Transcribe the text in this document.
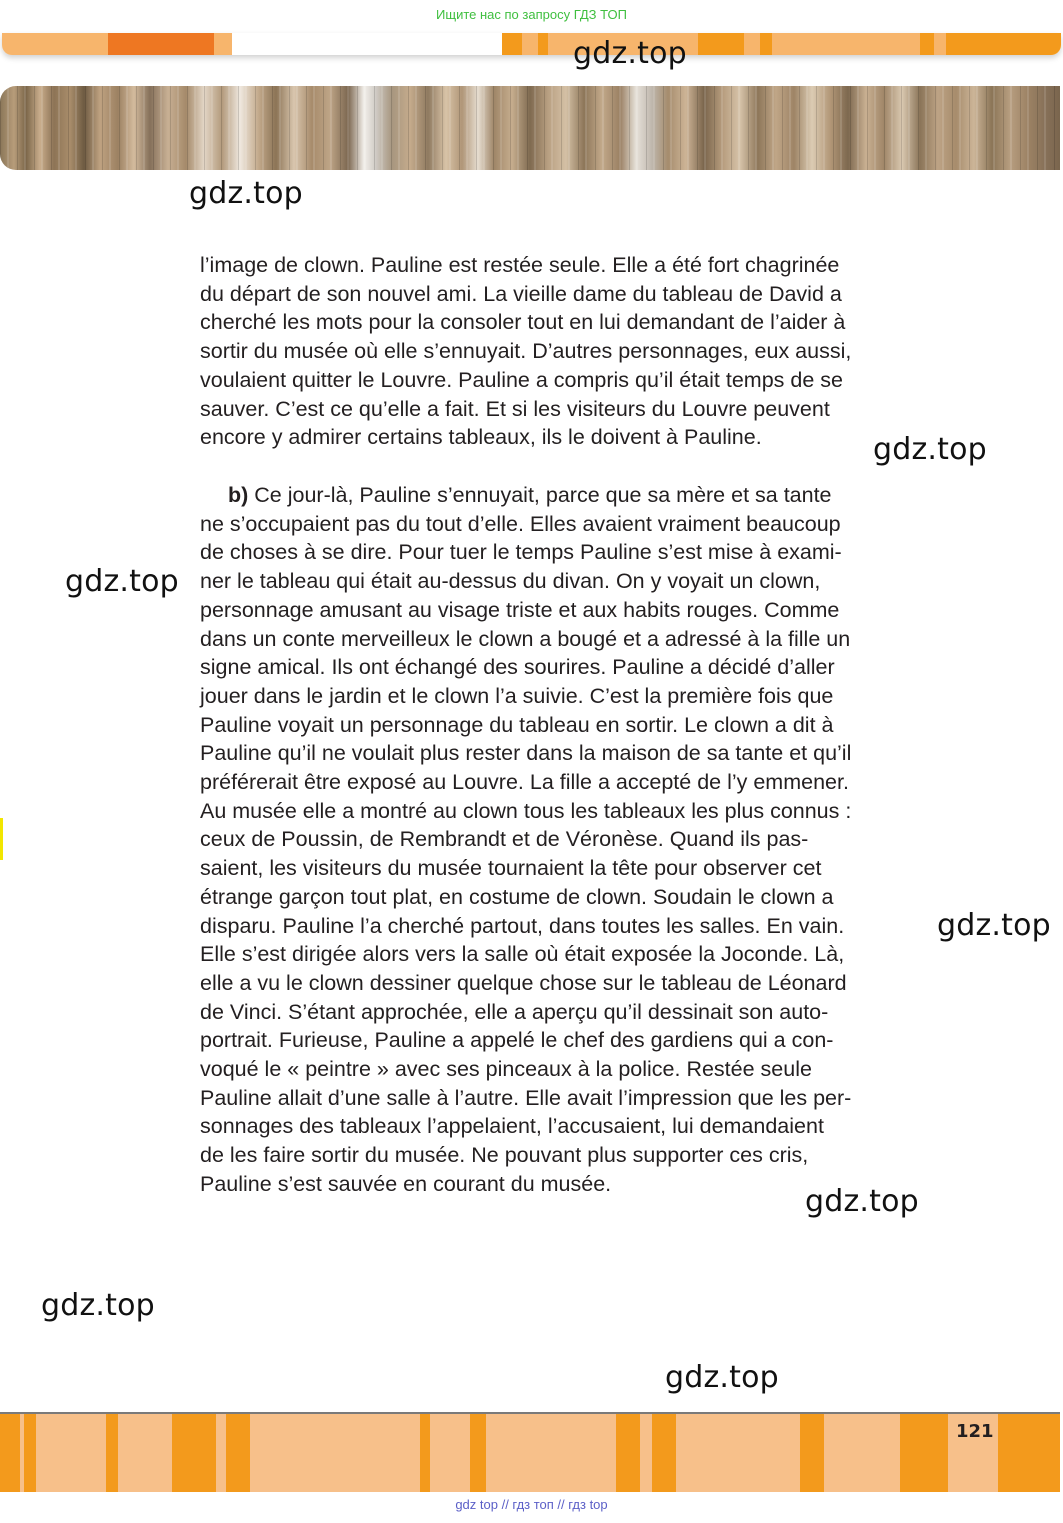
Ищите нас по запросу ГДЗ ТОП
gdz.top
gdz.top
gdz.top
gdz.top
gdz.top
gdz.top
gdz.top
gdz.top

l’image de clown. Pauline est restée seule. Elle a été fort chagrinée
du départ de son nouvel ami. La vieille dame du tableau de David a
cherché les mots pour la consoler tout en lui demandant de l’aider à
sortir du musée où elle s’ennuyait. D’autres personnages, eux aussi,
voulaient quitter le Louvre. Pauline a compris qu’il était temps de se
sauver. C’est ce qu’elle a fait. Et si les visiteurs du Louvre peuvent
encore y admirer certains tableaux, ils le doivent à Pauline.

b) Ce jour-là, Pauline s’ennuyait, parce que sa mère et sa tante
ne s’occupaient pas du tout d’elle. Elles avaient vraiment beaucoup
de choses à se dire. Pour tuer le temps Pauline s’est mise à exami-
ner le tableau qui était au-dessus du divan. On y voyait un clown,
personnage amusant au visage triste et aux habits rouges. Comme
dans un conte merveilleux le clown a bougé et a adressé à la fille un
signe amical. Ils ont échangé des sourires. Pauline a décidé d’aller
jouer dans le jardin et le clown l’a suivie. C’est la première fois que
Pauline voyait un personnage du tableau en sortir. Le clown a dit à
Pauline qu’il ne voulait plus rester dans la maison de sa tante et qu’il
préférerait être exposé au Louvre. La fille a accepté de l’y emmener.
Au musée elle a montré au clown tous les tableaux les plus connus :
ceux de Poussin, de Rembrandt et de Véronèse. Quand ils pas-
saient, les visiteurs du musée tournaient la tête pour observer cet
étrange garçon tout plat, en costume de clown. Soudain le clown a
disparu. Pauline l’a cherché partout, dans toutes les salles. En vain.
Elle s’est dirigée alors vers la salle où était exposée la Joconde. Là,
elle a vu le clown dessiner quelque chose sur le tableau de Léonard
de Vinci. S’étant approchée, elle a aperçu qu’il dessinait son auto-
portrait. Furieuse, Pauline a appelé le chef des gardiens qui a con-
voqué le « peintre » avec ses pinceaux à la police. Restée seule
Pauline allait d’une salle à l’autre. Elle avait l’impression que les per-
sonnages des tableaux l’appelaient, l’accusaient, lui demandaient
de les faire sortir du musée. Ne pouvant plus supporter ces cris,
Pauline s’est sauvée en courant du musée.

121
gdz top // гдз топ // гдз top
